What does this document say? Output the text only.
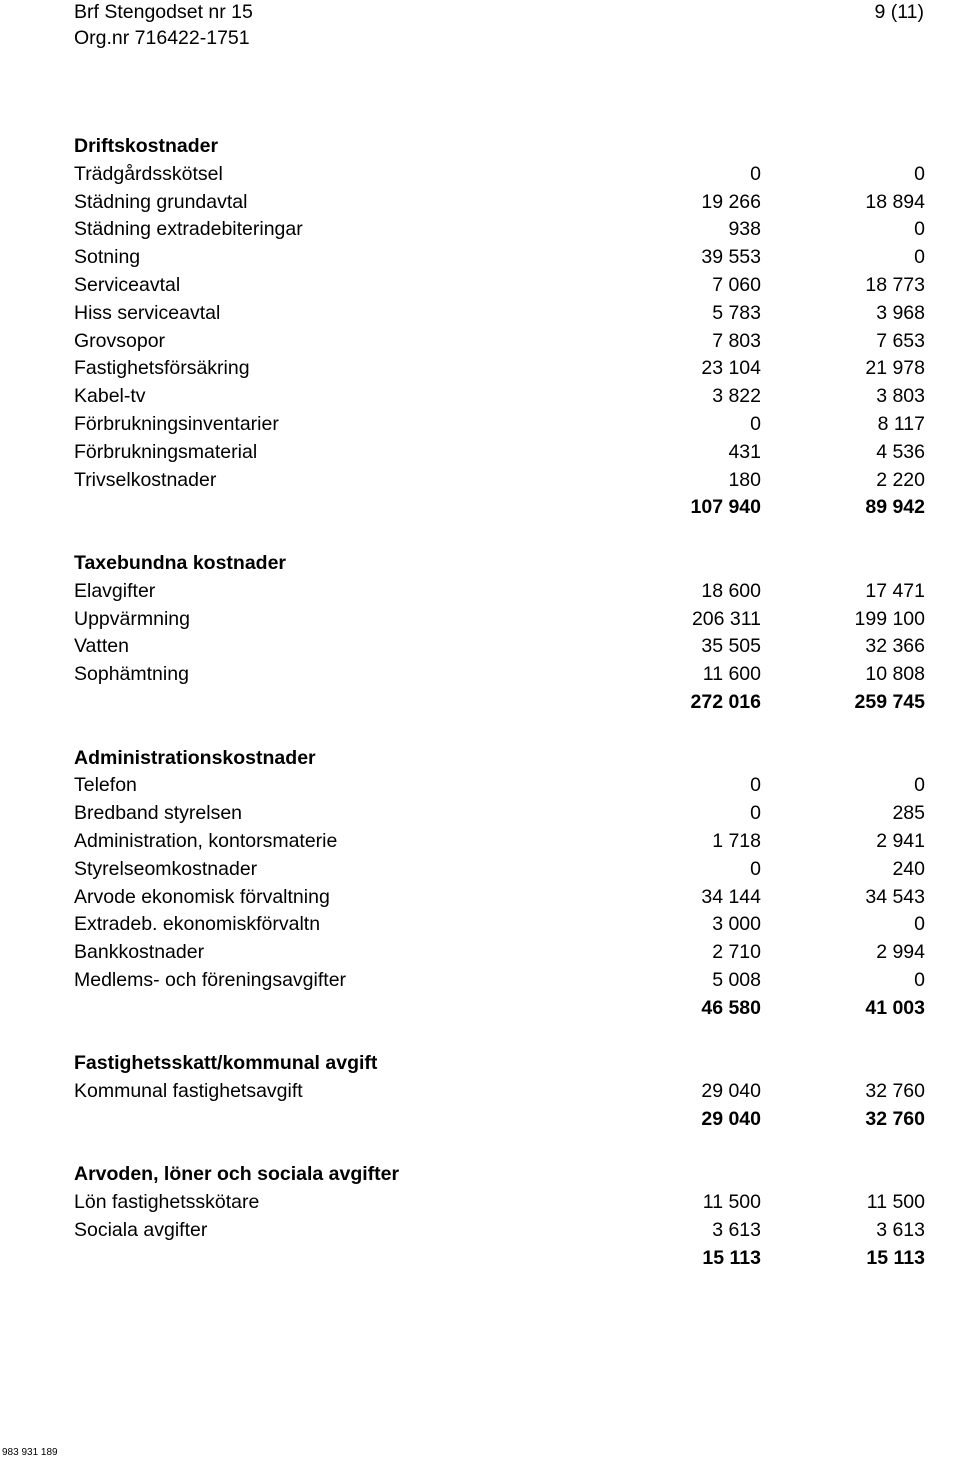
Brf Stengodset nr 15
Org.nr 716422-1751
9 (11)
Driftskostnader
Trädgårdsskötsel	0	0
Städning grundavtal	19 266	18 894
Städning extradebiteringar	938	0
Sotning	39 553	0
Serviceavtal	7 060	18 773
Hiss serviceavtal	5 783	3 968
Grovsopor	7 803	7 653
Fastighetsförsäkring	23 104	21 978
Kabel-tv	3 822	3 803
Förbrukningsinventarier	0	8 117
Förbrukningsmaterial	431	4 536
Trivselkostnader	180	2 220
107 940	89 942
Taxebundna kostnader
Elavgifter	18 600	17 471
Uppvärmning	206 311	199 100
Vatten	35 505	32 366
Sophämtning	11 600	10 808
272 016	259 745
Administrationskostnader
Telefon	0	0
Bredband styrelsen	0	285
Administration, kontorsmaterie	1 718	2 941
Styrelseomkostnader	0	240
Arvode ekonomisk förvaltning	34 144	34 543
Extradeb. ekonomiskförvaltn	3 000	0
Bankkostnader	2 710	2 994
Medlems- och föreningsavgifter	5 008	0
46 580	41 003
Fastighetsskatt/kommunal avgift
Kommunal fastighetsavgift	29 040	32 760
29 040	32 760
Arvoden, löner och sociala avgifter
Lön fastighetsskötare	11 500	11 500
Sociala avgifter	3 613	3 613
15 113	15 113
983 931 189
